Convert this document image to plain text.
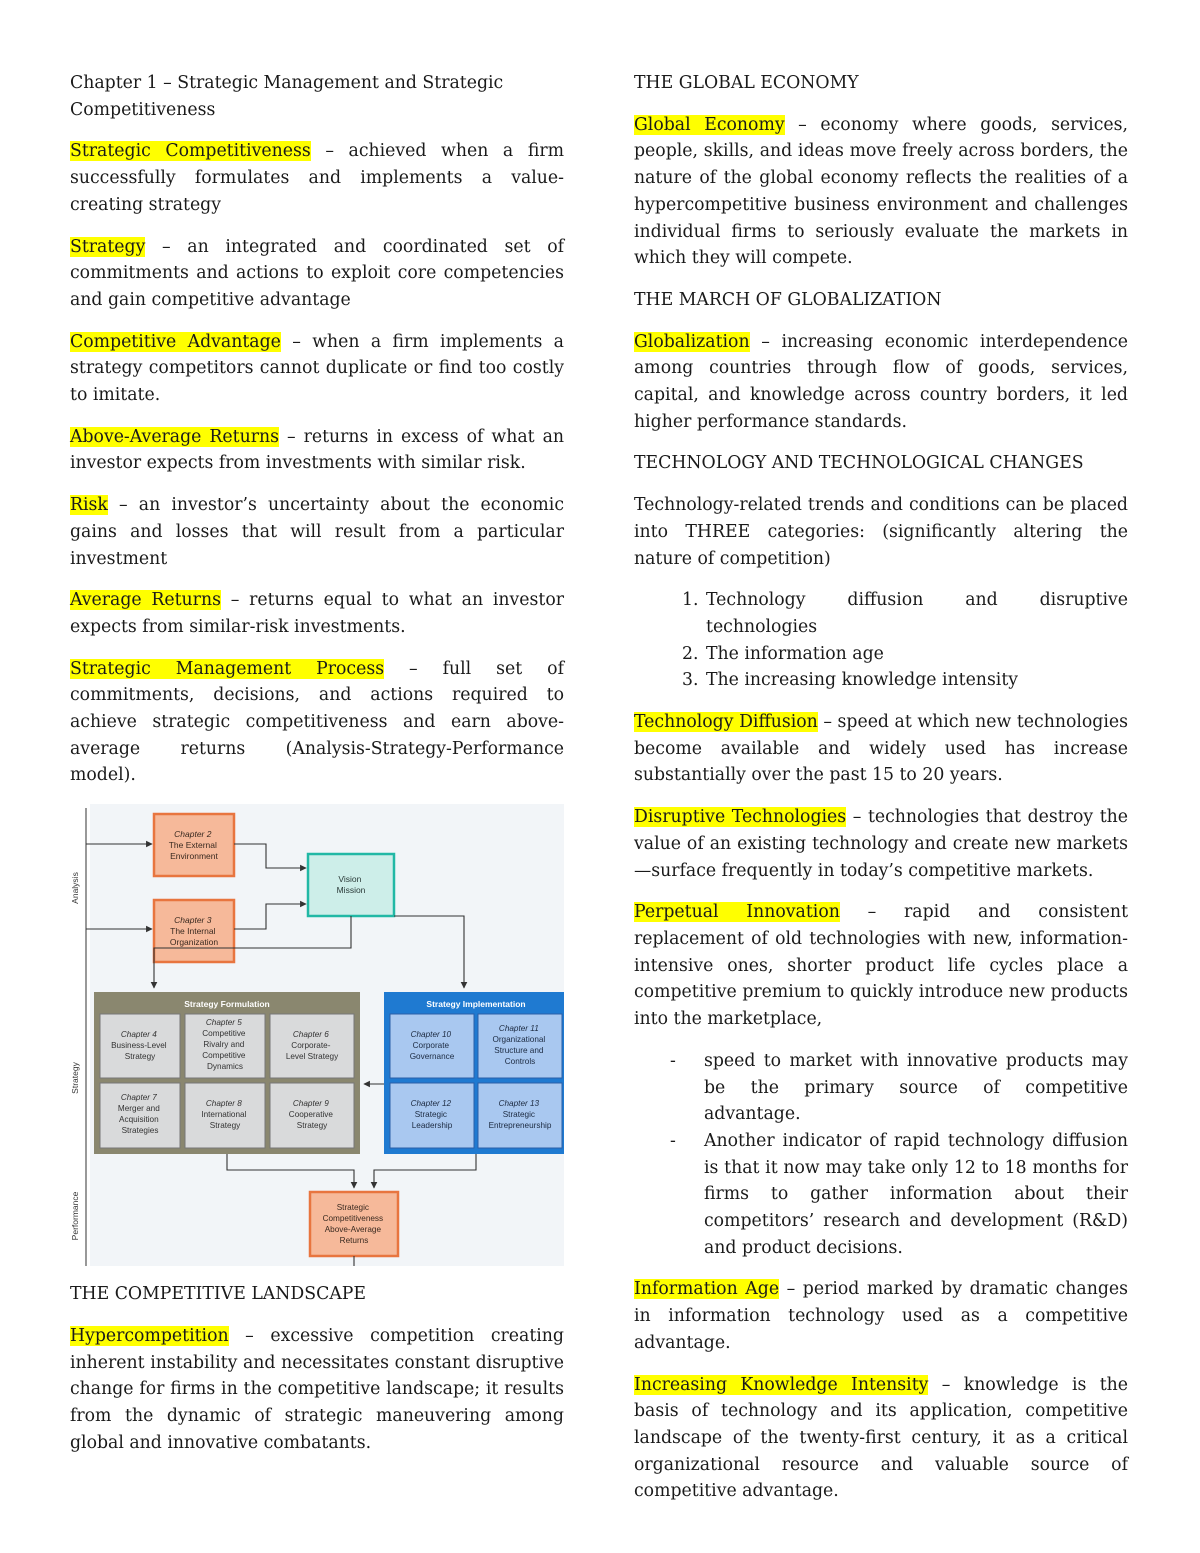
Chapter 1 – Strategic Management and Strategic Competitiveness

Strategic Competitiveness – achieved when a firm successfully formulates and implements a value-creating strategy

Strategy – an integrated and coordinated set of commitments and actions to exploit core competencies and gain competitive advantage

Competitive Advantage – when a firm implements a strategy competitors cannot duplicate or find too costly to imitate.

Above-Average Returns – returns in excess of what an investor expects from investments with similar risk.

Risk – an investor’s uncertainty about the economic gains and losses that will result from a particular investment

Average Returns – returns equal to what an investor expects from similar-risk investments.

Strategic Management Process – full set of commitments, decisions, and actions required to achieve strategic competitiveness and earn above-average returns (Analysis-Strategy-Performance model).

Analysis
Strategy
Performance
Chapter 2 The External Environment
Chapter 3 The Internal Organization
Vision Mission
Strategy Formulation
Chapter 4 Business-Level Strategy
Chapter 5 Competitive Rivalry and Competitive Dynamics
Chapter 6 Corporate- Level Strategy
Chapter 7 Merger and Acquisition Strategies
Chapter 8 International Strategy
Chapter 9 Cooperative Strategy
Strategy Implementation
Chapter 10 Corporate Governance
Chapter 11 Organizational Structure and Controls
Chapter 12 Strategic Leadership
Chapter 13 Strategic Entrepreneurship
Strategic Competitiveness Above-Average Returns

THE COMPETITIVE LANDSCAPE

Hypercompetition – excessive competition creating inherent instability and necessitates constant disruptive change for firms in the competitive landscape; it results from the dynamic of strategic maneuvering among global and innovative combatants.

THE GLOBAL ECONOMY

Global Economy – economy where goods, services, people, skills, and ideas move freely across borders, the nature of the global economy reflects the realities of a hypercompetitive business environment and challenges individual firms to seriously evaluate the markets in which they will compete.

THE MARCH OF GLOBALIZATION

Globalization – increasing economic interdependence among countries through flow of goods, services, capital, and knowledge across country borders, it led higher performance standards.

TECHNOLOGY AND TECHNOLOGICAL CHANGES

Technology-related trends and conditions can be placed into THREE categories: (significantly altering the nature of competition)

1. Technology diffusion and disruptive technologies
2. The information age
3. The increasing knowledge intensity

Technology Diffusion – speed at which new technologies become available and widely used has increase substantially over the past 15 to 20 years.

Disruptive Technologies – technologies that destroy the value of an existing technology and create new markets —surface frequently in today’s competitive markets.

Perpetual Innovation – rapid and consistent replacement of old technologies with new, information-intensive ones, shorter product life cycles place a competitive premium to quickly introduce new products into the marketplace,

- speed to market with innovative products may be the primary source of competitive advantage.
- Another indicator of rapid technology diffusion is that it now may take only 12 to 18 months for firms to gather information about their competitors’ research and development (R&D) and product decisions.

Information Age – period marked by dramatic changes in information technology used as a competitive advantage.

Increasing Knowledge Intensity – knowledge is the basis of technology and its application, competitive landscape of the twenty-first century, it as a critical organizational resource and valuable source of competitive advantage.
